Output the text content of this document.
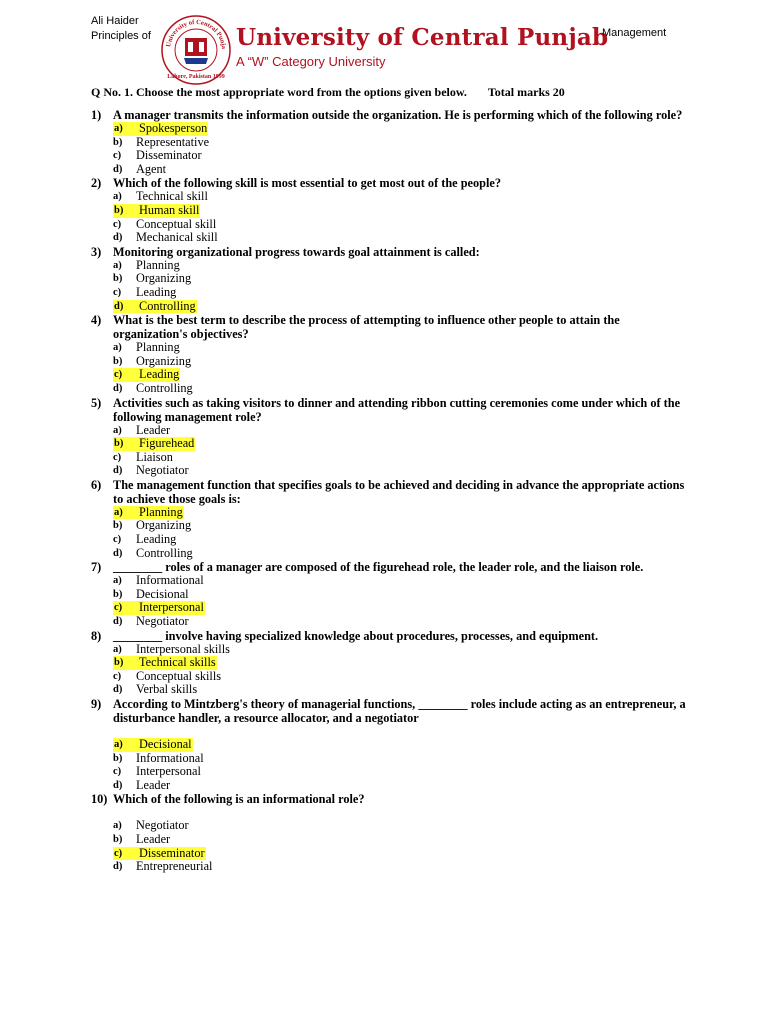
Ali Haider
Principles of
University of Central Punja
Lahore, Pakistan 1999
University of Central Punjab
A “W” Category University
Management
Q No. 1. Choose the most appropriate word from the options given below. Total marks 20
1) A manager transmits the information outside the organization. He is performing which of the following role?
a)	Spokesperson
b)	Representative
c)	Disseminator
d)	Agent
2) Which of the following skill is most essential to get most out of the people?
a)	Technical skill
b)	Human skill
c)	Conceptual skill
d)	Mechanical skill
3) Monitoring organizational progress towards goal attainment is called:
a)	Planning
b)	Organizing
c)	Leading
d)	Controlling
4) What is the best term to describe the process of attempting to influence other people to attain the organization's objectives?
a)	Planning
b)	Organizing
c)	Leading
d)	Controlling
5) Activities such as taking visitors to dinner and attending ribbon cutting ceremonies come under which of the following management role?
a)	Leader
b)	Figurehead
c)	Liaison
d)	Negotiator
6) The management function that specifies goals to be achieved and deciding in advance the appropriate actions to achieve those goals is:
a)	Planning
b)	Organizing
c)	Leading
d)	Controlling
7) ________ roles of a manager are composed of the figurehead role, the leader role, and the liaison role.
a)	Informational
b)	Decisional
c)	Interpersonal
d)	Negotiator
8) ________ involve having specialized knowledge about procedures, processes, and equipment.
a)	Interpersonal skills
b)	Technical skills
c)	Conceptual skills
d)	Verbal skills
9) According to Mintzberg's theory of managerial functions, ________ roles include acting as an entrepreneur, a disturbance handler, a resource allocator, and a negotiator
a)	Decisional
b)	Informational
c)	Interpersonal
d)	Leader
10) Which of the following is an informational role?
a)	Negotiator
b)	Leader
c)	Disseminator
d)	Entrepreneurial
